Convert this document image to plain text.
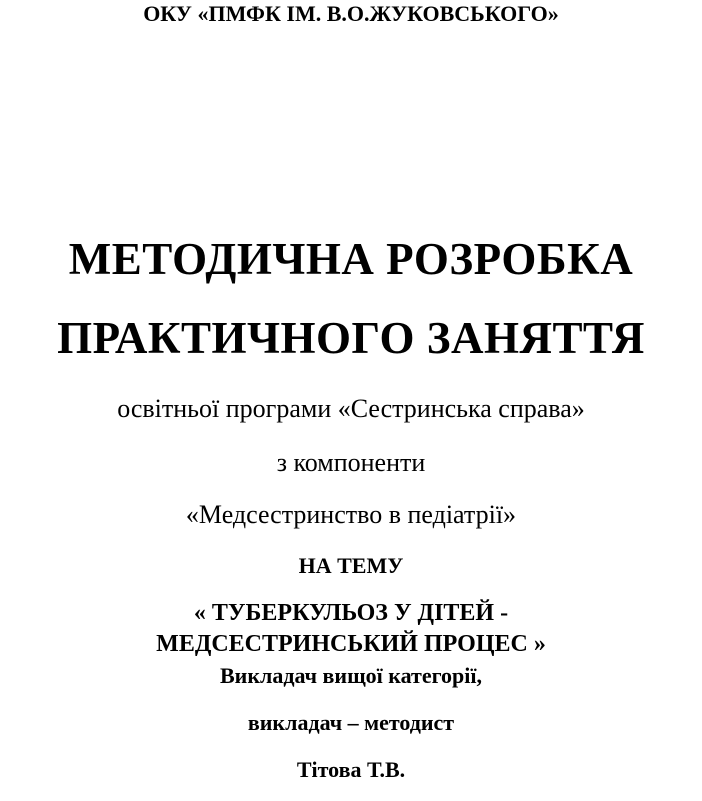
ОКУ «ПМФК ІМ. В.О.ЖУКОВСЬКОГО»
МЕТОДИЧНА РОЗРОБКА
ПРАКТИЧНОГО ЗАНЯТТЯ
освітньої програми «Сестринська справа»
з компоненти
«Медсестринство в педіатрії»
НА ТЕМУ
« ТУБЕРКУЛЬОЗ У ДІТЕЙ -
МЕДСЕСТРИНСЬКИЙ ПРОЦЕС »
Викладач вищої категорії,
викладач – методист
Тітова Т.В.
